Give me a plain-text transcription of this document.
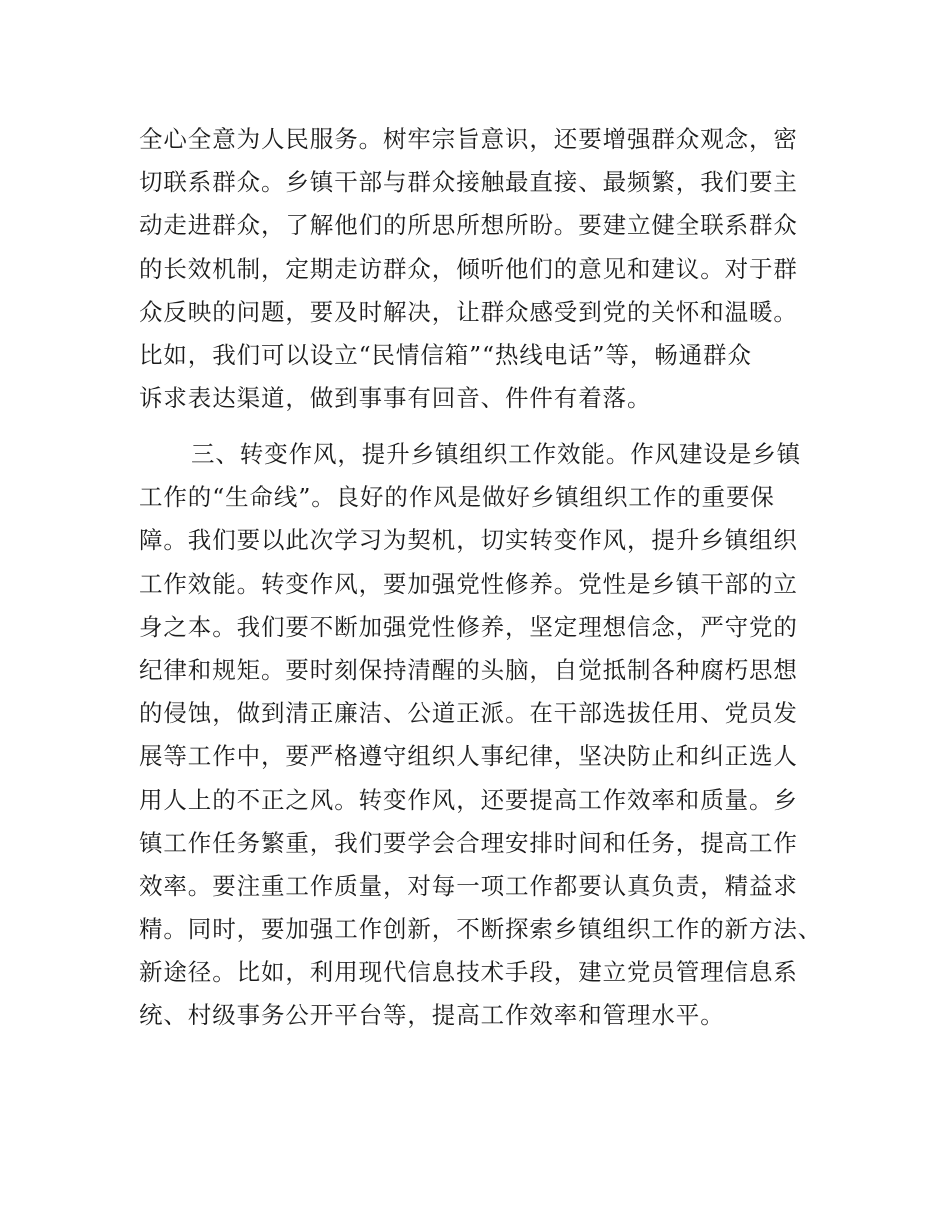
全心全意为人民服务。树牢宗旨意识，还要增强群众观念，密
切联系群众。乡镇干部与群众接触最直接、最频繁，我们要主
动走进群众，了解他们的所思所想所盼。要建立健全联系群众
的长效机制，定期走访群众，倾听他们的意见和建议。对于群
众反映的问题，要及时解决，让群众感受到党的关怀和温暖。
比如，我们可以设立“民情信箱”“热线电话”等，畅通群众
诉求表达渠道，做到事事有回音、件件有着落。
三、转变作风，提升乡镇组织工作效能。作风建设是乡镇
工作的“生命线”。良好的作风是做好乡镇组织工作的重要保
障。我们要以此次学习为契机，切实转变作风，提升乡镇组织
工作效能。转变作风，要加强党性修养。党性是乡镇干部的立
身之本。我们要不断加强党性修养，坚定理想信念，严守党的
纪律和规矩。要时刻保持清醒的头脑，自觉抵制各种腐朽思想
的侵蚀，做到清正廉洁、公道正派。在干部选拔任用、党员发
展等工作中，要严格遵守组织人事纪律，坚决防止和纠正选人
用人上的不正之风。转变作风，还要提高工作效率和质量。乡
镇工作任务繁重，我们要学会合理安排时间和任务，提高工作
效率。要注重工作质量，对每一项工作都要认真负责，精益求
精。同时，要加强工作创新，不断探索乡镇组织工作的新方法、
新途径。比如，利用现代信息技术手段，建立党员管理信息系
统、村级事务公开平台等，提高工作效率和管理水平。
